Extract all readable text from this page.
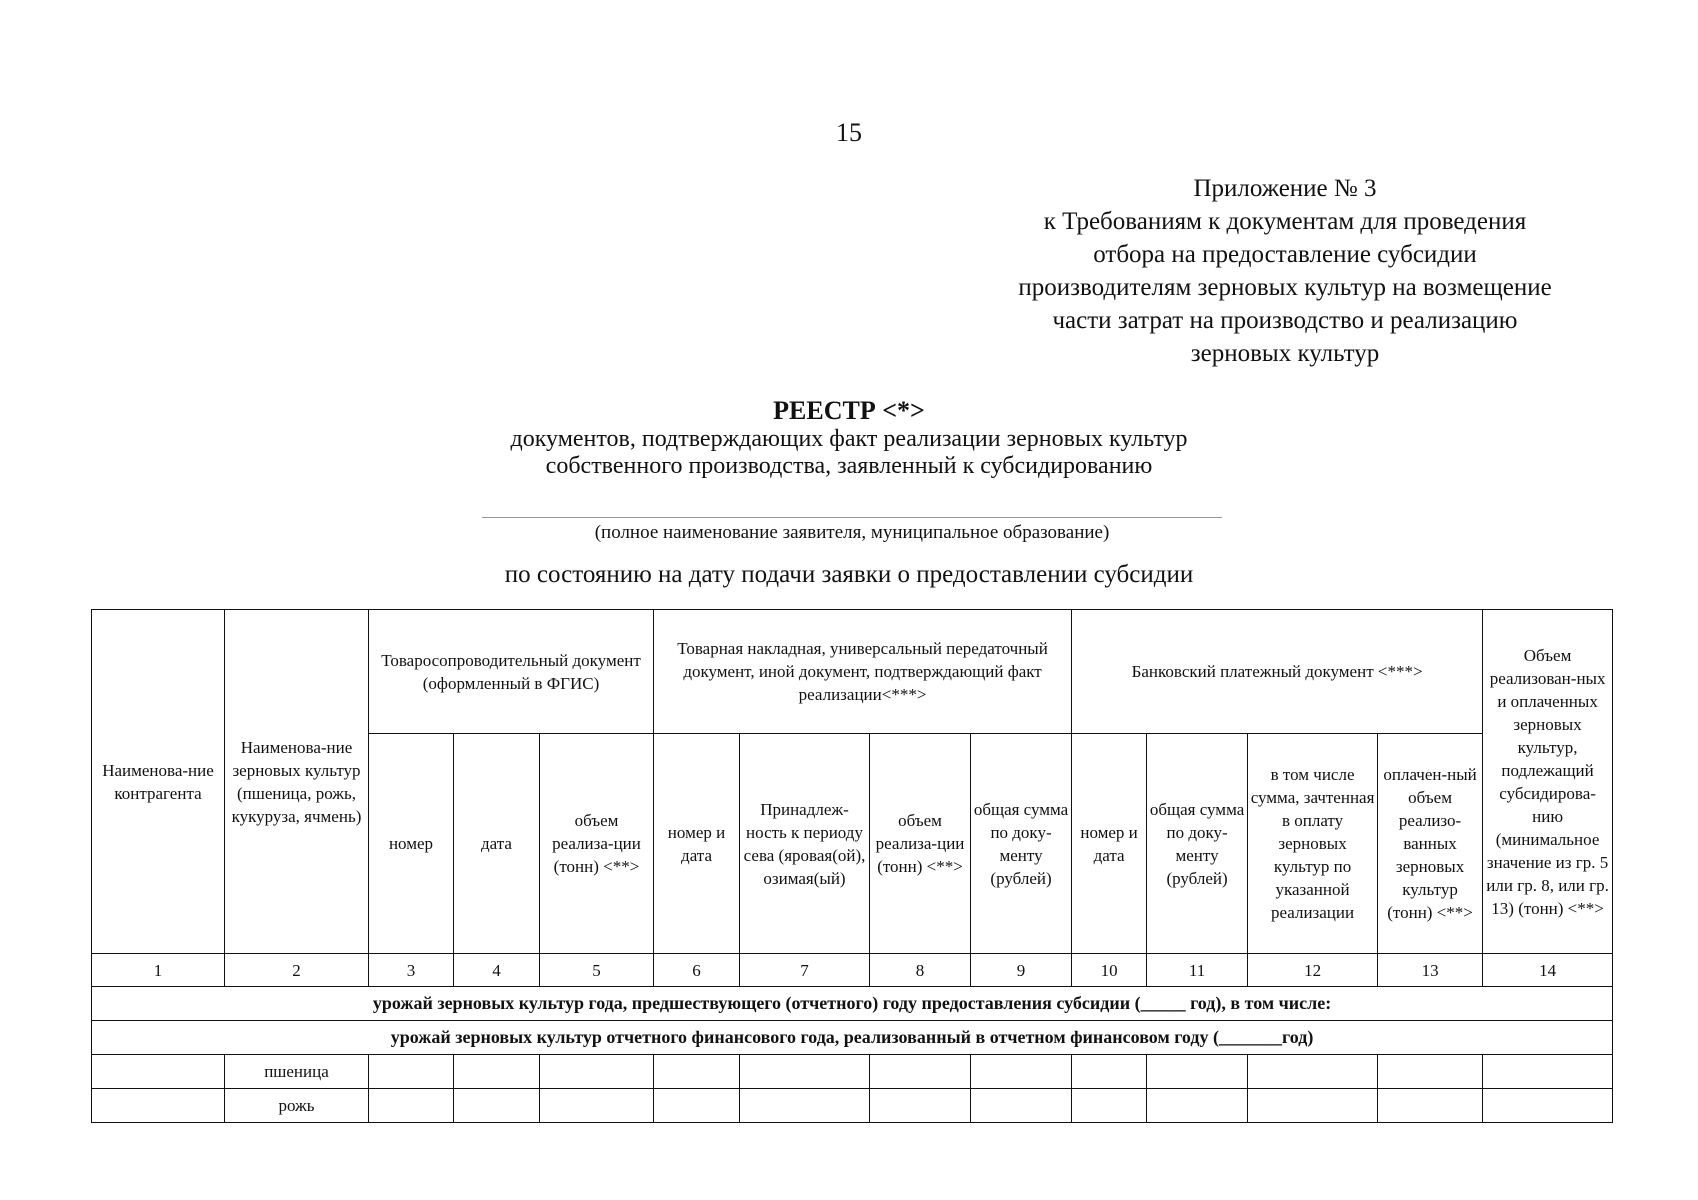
15
Приложение № 3
к Требованиям к документам для проведения
отбора на предоставление субсидии
производителям зерновых культур на возмещение
части затрат на производство и реализацию
зерновых культур
РЕЕСТР <*>
документов, подтверждающих факт реализации зерновых культур
собственного производства, заявленный к субсидированию
(полное наименование заявителя, муниципальное образование)
по состоянию на дату подачи заявки о предоставлении субсидии
Наименова-ние контрагента	Наименова-ние зерновых культур (пшеница, рожь, кукуруза, ячмень)	Товаросопроводительный документ (оформленный в ФГИС)			Товарная накладная, универсальный передаточный документ, иной документ, подтверждающий факт реализации<***>				Банковский платежный документ <***>				Объем реализован-ных и оплаченных зерновых культур, подлежащий субсидирова-нию (минимальное значение из гр. 5 или гр. 8, или гр. 13) (тонн) <**>
		номер	дата	объем реализа-ции (тонн) <**>	номер и дата	Принадлеж-ность к периоду сева (яровая(ой), озимая(ый)	объем реализа-ции (тонн) <**>	общая сумма по доку-менту (рублей)	номер и дата	общая сумма по доку-менту (рублей)	в том числе сумма, зачтенная в оплату зерновых культур по указанной реализации	оплачен-ный объем реализо-ванных зерновых культур (тонн) <**>	
1	2	3	4	5	6	7	8	9	10	11	12	13	14
урожай зерновых культур года, предшествующего (отчетного) году предоставления субсидии (_____ год), в том числе:													
урожай зерновых культур отчетного финансового года, реализованный в отчетном финансовом году (_______год)													
	пшеница												
	рожь												
